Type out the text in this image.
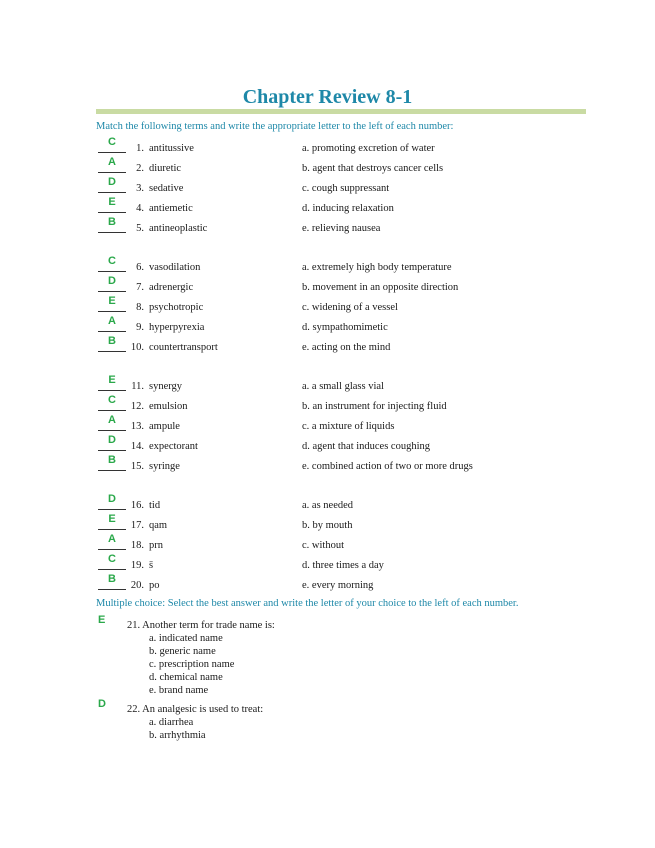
Chapter Review 8-1
Match the following terms and write the appropriate letter to the left of each number:
C
1. antitussive	a. promoting excretion of water
A
2. diuretic	b. agent that destroys cancer cells
D
3. sedative	c. cough suppressant
E
4. antiemetic	d. inducing relaxation
B
5. antineoplastic	e. relieving nausea
C
6. vasodilation	a. extremely high body temperature
D
7. adrenergic	b. movement in an opposite direction
E
8. psychotropic	c. widening of a vessel
A
9. hyperpyrexia	d. sympathomimetic
B
10. countertransport	e. acting on the mind
E
11. synergy	a. a small glass vial
C
12. emulsion	b. an instrument for injecting fluid
A
13. ampule	c. a mixture of liquids
D
14. expectorant	d. agent that induces coughing
B
15. syringe	e. combined action of two or more drugs
D
16. tid	a. as needed
E
17. qam	b. by mouth
A
18. prn	c. without
C
19. s̄	d. three times a day
B
20. po	e. every morning
Multiple choice: Select the best answer and write the letter of your choice to the left of each number.
E 21. Another term for trade name is:
a. indicated name
b. generic name
c. prescription name
d. chemical name
e. brand name
D 22. An analgesic is used to treat:
a. diarrhea
b. arrhythmia
